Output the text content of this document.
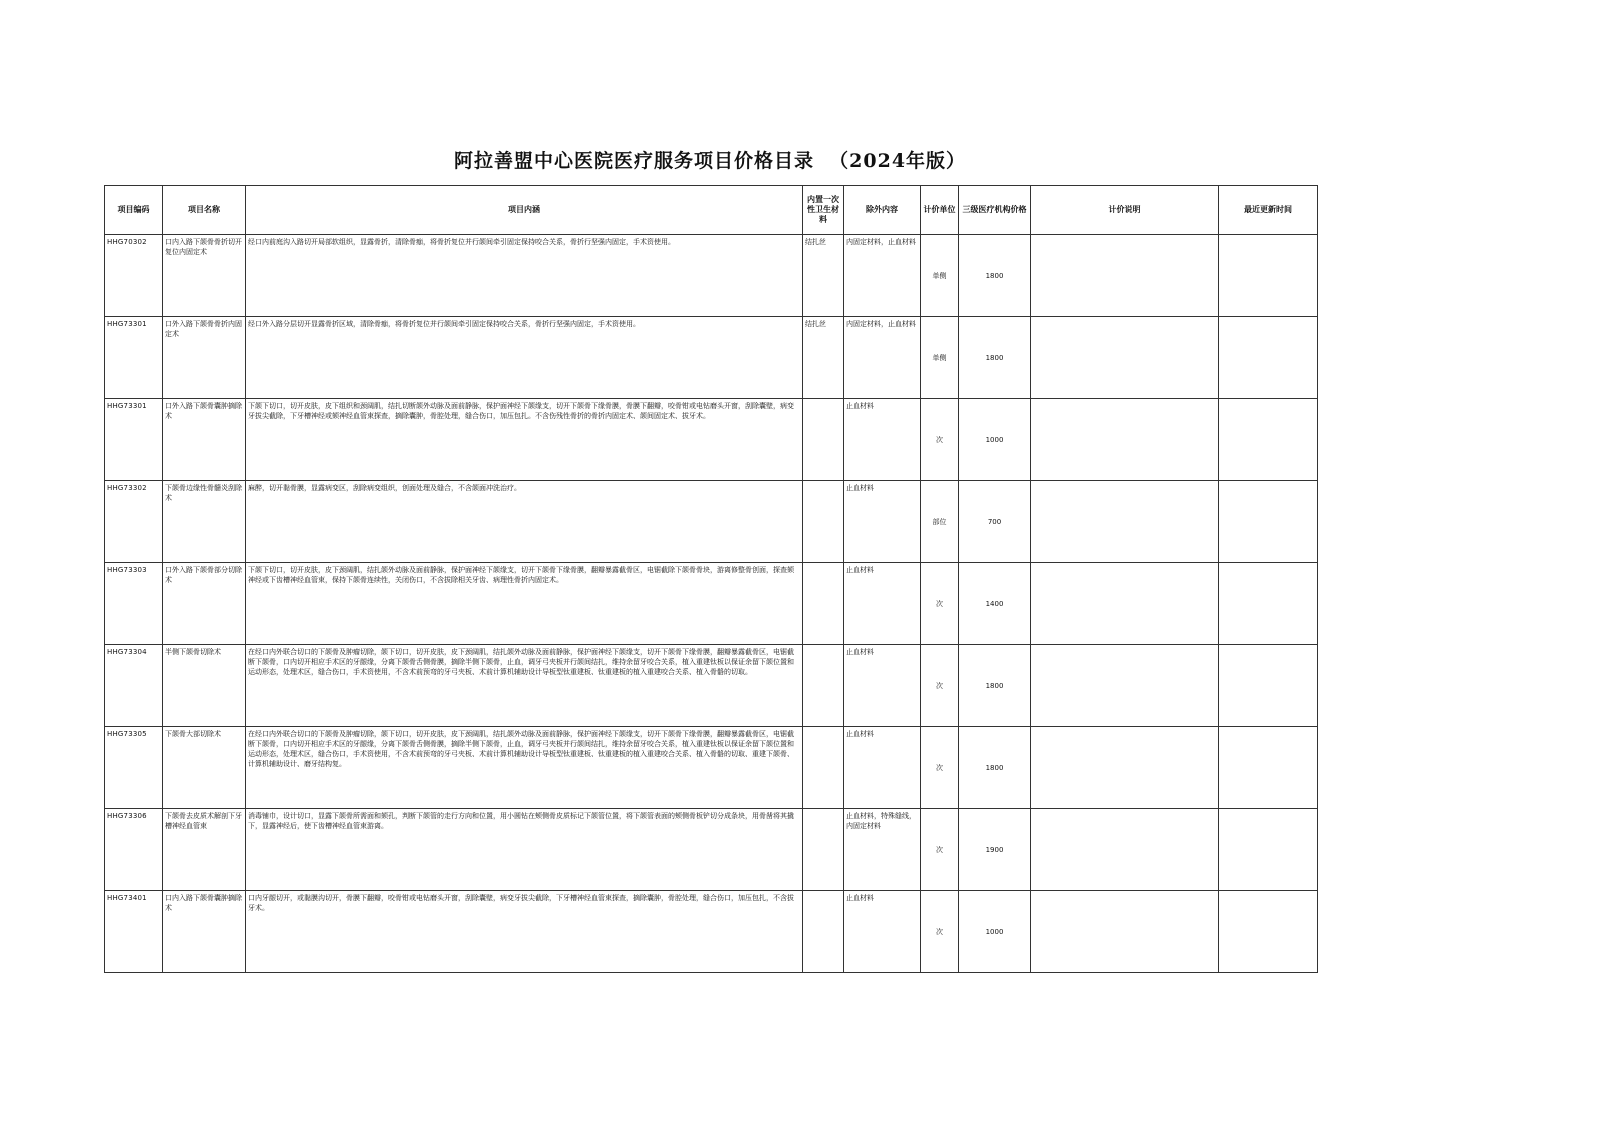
阿拉善盟中心医院医疗服务项目价格目录  （2024年版）
项目编码	项目名称	项目内涵	内置一次性卫生材料	除外内容	计价单位	三级医疗机构价格	计价说明	最近更新时间
HHG70302	口内入路下颌骨骨折切开复位内固定术	经口内前庭沟入路切开局部软组织，显露骨折，清除骨痂，将骨折复位并行颌间牵引固定保持咬合关系，骨折行坚强内固定，手术资使用。	结扎丝	内固定材料，止血材料	单侧	1800		
HHG73301	口外入路下颌骨骨折内固定术	经口外入路分层切开显露骨折区域，清除骨痂，将骨折复位并行颌间牵引固定保持咬合关系，骨折行坚强内固定，手术资使用。	结扎丝	内固定材料，止血材料	单侧	1800		
HHG73301	口外入路下颌骨囊肿摘除术	下颌下切口，切开皮肤，皮下组织和颈阔肌，结扎切断颌外动脉及面前静脉，保护面神经下颌缘支，切开下颌骨下缘骨膜，骨膜下翻瓣，咬骨钳或电钻磨头开窗，刮除囊壁，病变牙拔尖截除，下牙槽神经或颏神经血管束探查，摘除囊肿，骨腔处理，缝合伤口，加压包扎。不含伤残性骨折的骨折内固定术、颌间固定术、拔牙术。		止血材料	次	1000		
HHG73302	下颌骨边缘性骨髓炎刮除术	麻醉，切开黏骨膜，显露病变区，刮除病变组织，创面处理及缝合，不含颌面冲洗治疗。		止血材料	部位	700		
HHG73303	口外入路下颌骨部分切除术	下颌下切口，切开皮肤，皮下颈阔肌，结扎颌外动脉及面前静脉，保护面神经下颌缘支，切开下颌骨下缘骨膜，翻瓣暴露截骨区，电锯截除下颌骨骨块，游离修整骨创面，探查颏神经或下齿槽神经血管束，保持下颌骨连续性，关闭伤口，不含拔除相关牙齿、病理性骨折内固定术。		止血材料	次	1400		
HHG73304	半侧下颌骨切除术	在经口内外联合切口的下颌骨及肿瘤切除，颌下切口，切开皮肤，皮下颈阔肌，结扎颌外动脉及面前静脉，保护面神经下颌缘支，切开下颌骨下缘骨膜，翻瓣暴露截骨区，电锯截断下颌骨，口内切开相应手术区的牙龈缘，分离下颌骨舌侧骨膜，摘除半侧下颌骨，止血，调牙弓夹板并行颌间结扎，维持余留牙咬合关系，植入重建钛板以保证余留下颌位置和运动形态，处理术区，缝合伤口，手术资使用，不含术前预弯的牙弓夹板、术前计算机辅助设计导板型钛重建板、钛重建板的植入重建咬合关系、植入骨骼的切取。		止血材料	次	1800		
HHG73305	下颌骨大部切除术	在经口内外联合切口的下颌骨及肿瘤切除，颌下切口，切开皮肤，皮下颈阔肌，结扎颌外动脉及面前静脉，保护面神经下颌缘支，切开下颌骨下缘骨膜，翻瓣暴露截骨区，电锯截断下颌骨，口内切开相应手术区的牙龈缘，分离下颌骨舌侧骨膜，摘除半侧下颌骨，止血，调牙弓夹板并行颌间结扎，维持余留牙咬合关系，植入重建钛板以保证余留下颌位置和运动形态，处理术区，缝合伤口，手术资使用，不含术前预弯的牙弓夹板、术前计算机辅助设计导板型钛重建板、钛重建板的植入重建咬合关系、植入骨骼的切取、重建下颌骨、计算机辅助设计、磨牙结构复。		止血材料	次	1800		
HHG73306	下颌骨去皮质术解剖下牙槽神经血管束	消毒铺巾，设计切口，显露下颌骨所需面和颏孔，判断下颌管的走行方向和位置，用小圆钻在颊侧骨皮质标记下颌管位置，将下颌管表面的颊侧骨板铲切分成条块，用骨凿将其撬下，显露神经后，使下齿槽神经血管束游离。		止血材料，特殊缝线，内固定材料	次	1900		
HHG73401	口内入路下颌骨囊肿摘除术	口内牙龈切开，或黏膜沟切开，骨膜下翻瓣，咬骨钳或电钻磨头开窗，刮除囊壁，病变牙拔尖截除，下牙槽神经血管束探查，摘除囊肿，骨腔处理，缝合伤口，加压包扎，不含拔牙术。		止血材料	次	1000		
